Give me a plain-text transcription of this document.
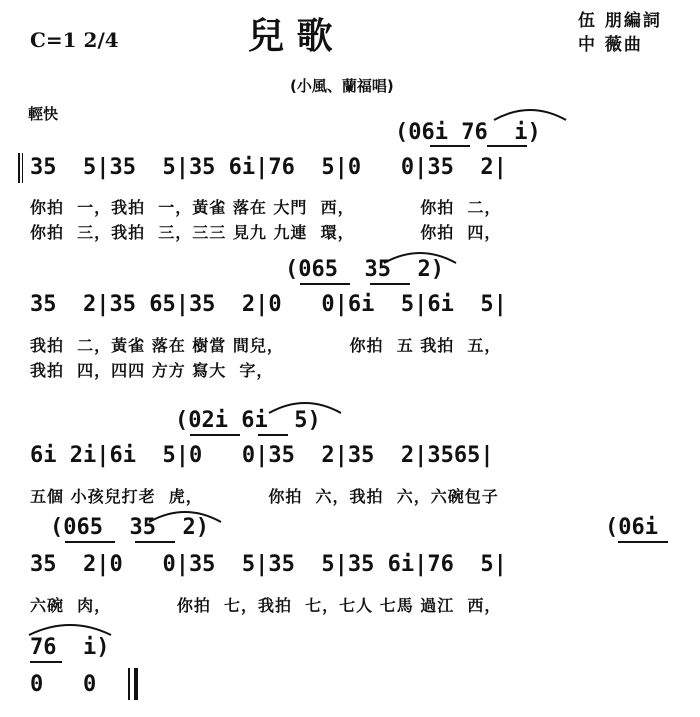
C=1 2/4	兒 歌	伍 朋編詞
中 薇曲
(小風、蘭福唱)
輕快
(06i 76  i)
35  5|35  5|35 6i|76  5|0   0|35  2|
你拍  一，我拍  一，黃雀 落在 大門  西，          你拍  二，
你拍  三，我拍  三，三三 見九 九連  環，          你拍  四，
(065  35  2)
35  2|35 65|35  2|0   0|6i  5|6i  5|
我拍  二，黃雀 落在 樹當 間兒，          你拍  五 我拍  五，
我拍  四，四四 方方 寫大  字，
(02i 6i  5)
6i 2i|6i  5|0   0|35  2|35  2|3565|
五個 小孩兒打老  虎，          你拍  六，我拍  六，六碗包子
(065  35  2)	(06i
35  2|0   0|35  5|35  5|35 6i|76  5|
六碗  肉，          你拍  七，我拍  七，七人 七馬 過江  西，
76  i)
0   0
